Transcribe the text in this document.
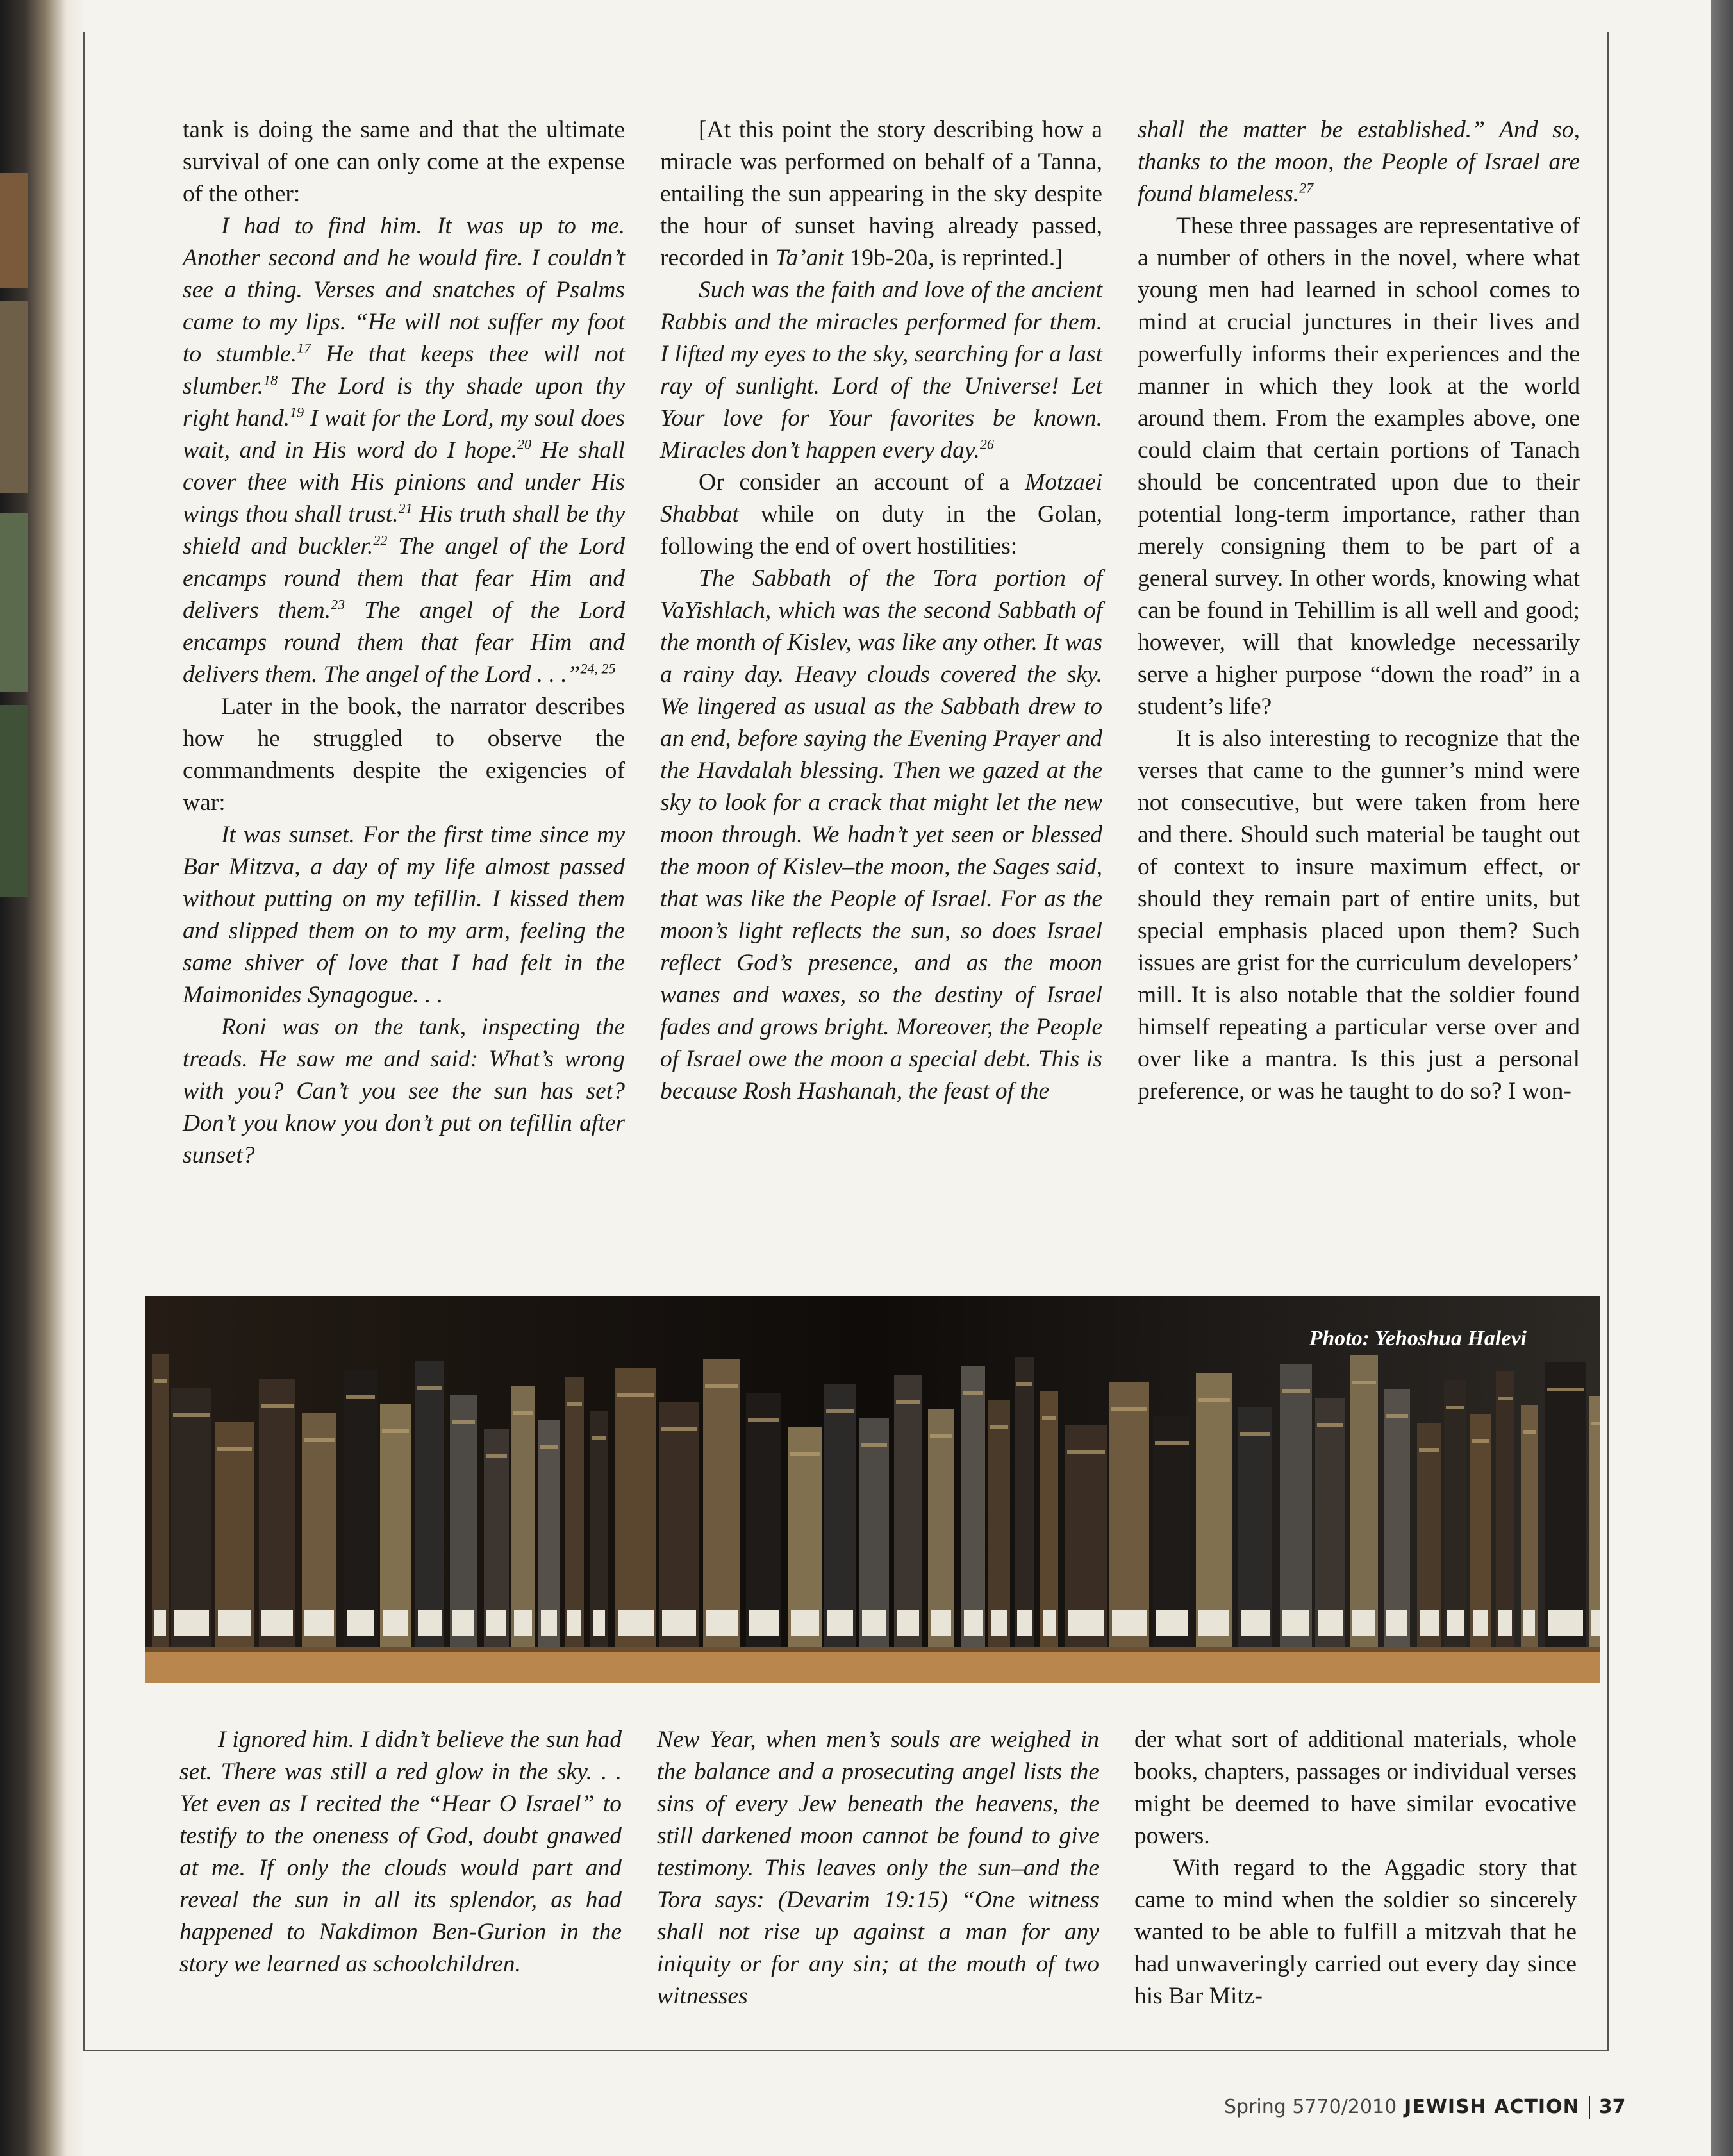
tank is doing the same and that the ultimate survival of one can only come at the expense of the other:

I had to find him. It was up to me. Another second and he would fire. I couldn’t see a thing. Verses and snatches of Psalms came to my lips. “He will not suffer my foot to stumble.$^{17}$ He that keeps thee will not slumber.$^{18}$ The Lord is thy shade upon thy right hand.$^{19}$ I wait for the Lord, my soul does wait, and in His word do I hope.$^{20}$ He shall cover thee with His pinions and under His wings thou shall trust.$^{21}$ His truth shall be thy shield and buckler.$^{22}$ The angel of the Lord encamps round them that fear Him and delivers them.$^{23}$ The angel of the Lord encamps round them that fear Him and delivers them. The angel of the Lord . . .”$^{24, 25}$

Later in the book, the narrator describes how he struggled to observe the commandments despite the exigencies of war:

It was sunset. For the first time since my Bar Mitzva, a day of my life almost passed without putting on my tefillin. I kissed them and slipped them on to my arm, feeling the same shiver of love that I had felt in the Maimonides Synagogue. . .

Roni was on the tank, inspecting the treads. He saw me and said: What’s wrong with you? Can’t you see the sun has set? Don’t you know you don’t put on tefillin after sunset?

[At this point the story describing how a miracle was performed on behalf of a Tanna, entailing the sun appearing in the sky despite the hour of sunset having already passed, recorded in Ta’anit 19b-20a, is reprinted.]

Such was the faith and love of the ancient Rabbis and the miracles performed for them. I lifted my eyes to the sky, searching for a last ray of sunlight. Lord of the Universe! Let Your love for Your favorites be known. Miracles don’t happen every day.$^{26}$

Or consider an account of a Motzaei Shabbat while on duty in the Golan, following the end of overt hostilities:

The Sabbath of the Tora portion of VaYishlach, which was the second Sabbath of the month of Kislev, was like any other. It was a rainy day. Heavy clouds covered the sky. We lingered as usual as the Sabbath drew to an end, before saying the Evening Prayer and the Havdalah blessing. Then we gazed at the sky to look for a crack that might let the new moon through. We hadn’t yet seen or blessed the moon of Kislev–the moon, the Sages said, that was like the People of Israel. For as the moon’s light reflects the sun, so does Israel reflect God’s presence, and as the moon wanes and waxes, so the destiny of Israel fades and grows bright. Moreover, the People of Israel owe the moon a special debt. This is because Rosh Hashanah, the feast of the

shall the matter be established.” And so, thanks to the moon, the People of Israel are found blameless.$^{27}$

These three passages are representative of a number of others in the novel, where what young men had learned in school comes to mind at crucial junctures in their lives and powerfully informs their experiences and the manner in which they look at the world around them. From the examples above, one could claim that certain portions of Tanach should be concentrated upon due to their potential long-term importance, rather than merely consigning them to be part of a general survey. In other words, knowing what can be found in Tehillim is all well and good; however, will that knowledge necessarily serve a higher purpose “down the road” in a student’s life?

It is also interesting to recognize that the verses that came to the gunner’s mind were not consecutive, but were taken from here and there. Should such material be taught out of context to insure maximum effect, or should they remain part of entire units, but special emphasis placed upon them? Such issues are grist for the curriculum developers’ mill. It is also notable that the soldier found himself repeating a particular verse over and over like a mantra. Is this just a personal preference, or was he taught to do so? I won-

Photo: Yehoshua Halevi

I ignored him. I didn’t believe the sun had set. There was still a red glow in the sky. . . Yet even as I recited the “Hear O Israel” to testify to the oneness of God, doubt gnawed at me. If only the clouds would part and reveal the sun in all its splendor, as had happened to Nakdimon Ben-Gurion in the story we learned as schoolchildren.

New Year, when men’s souls are weighed in the balance and a prosecuting angel lists the sins of every Jew beneath the heavens, the still darkened moon cannot be found to give testimony. This leaves only the sun–and the Tora says: (Devarim 19:15) “One witness shall not rise up against a man for any iniquity or for any sin; at the mouth of two witnesses

der what sort of additional materials, whole books, chapters, passages or individual verses might be deemed to have similar evocative powers.

With regard to the Aggadic story that came to mind when the soldier so sincerely wanted to be able to fulfill a mitzvah that he had unwaveringly carried out every day since his Bar Mitz-

Spring 5770/2010 JEWISH ACTION 37
